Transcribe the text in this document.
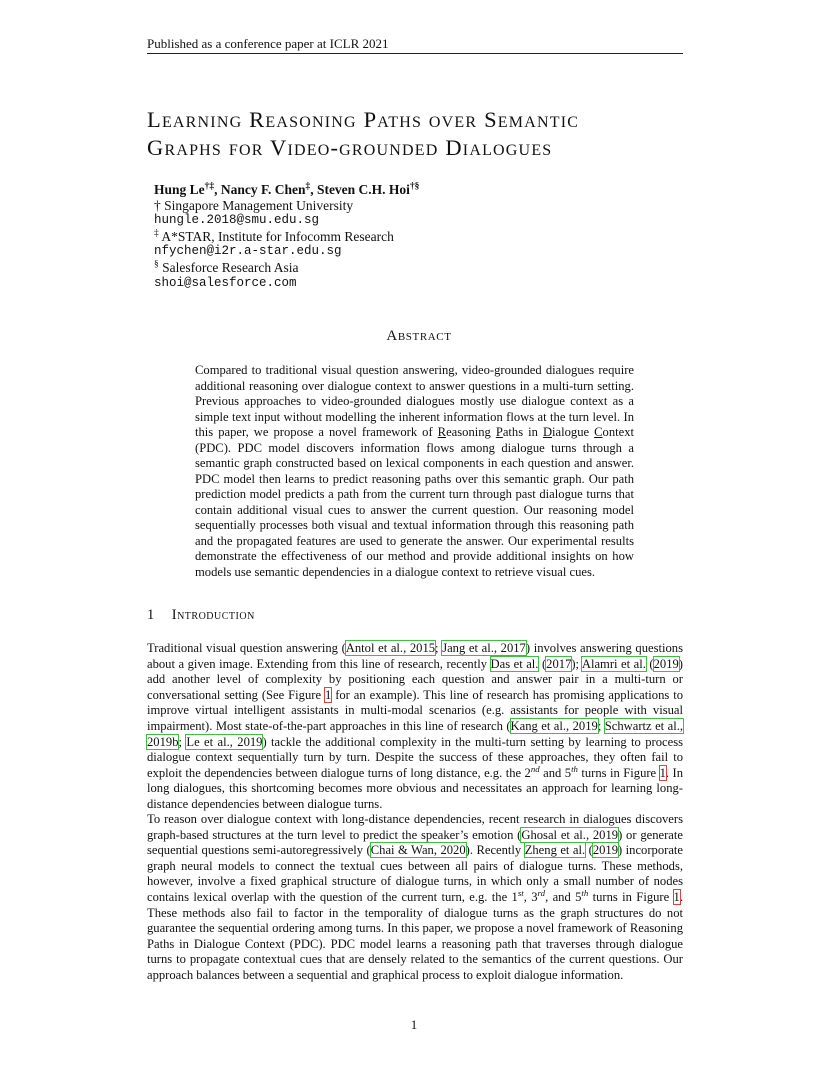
Published as a conference paper at ICLR 2021
Learning Reasoning Paths over Semantic
Graphs for Video-grounded Dialogues
Hung Le†‡, Nancy F. Chen‡, Steven C.H. Hoi†§
† Singapore Management University
hungle.2018@smu.edu.sg
‡ A*STAR, Institute for Infocomm Research
nfychen@i2r.a-star.edu.sg
§ Salesforce Research Asia
shoi@salesforce.com
Abstract
Compared to traditional visual question answering, video-grounded dialogues require additional reasoning over dialogue context to answer questions in a multi-turn setting. Previous approaches to video-grounded dialogues mostly use dialogue context as a simple text input without modelling the inherent information flows at the turn level. In this paper, we propose a novel framework of Reasoning Paths in Dialogue Context (PDC). PDC model discovers information flows among dialogue turns through a semantic graph constructed based on lexical components in each question and answer. PDC model then learns to predict reasoning paths over this semantic graph. Our path prediction model predicts a path from the current turn through past dialogue turns that contain additional visual cues to answer the current question. Our reasoning model sequentially processes both visual and textual information through this reasoning path and the propagated features are used to generate the answer. Our experimental results demonstrate the effectiveness of our method and provide additional insights on how models use semantic dependencies in a dialogue context to retrieve visual cues.
1 Introduction
Traditional visual question answering (Antol et al., 2015; Jang et al., 2017) involves answering questions about a given image. Extending from this line of research, recently Das et al. (2017); Alamri et al. (2019) add another level of complexity by positioning each question and answer pair in a multi-turn or conversational setting (See Figure 1 for an example). This line of research has promising applications to improve virtual intelligent assistants in multi-modal scenarios (e.g. assistants for people with visual impairment). Most state-of-the-part approaches in this line of research (Kang et al., 2019; Schwartz et al., 2019b; Le et al., 2019) tackle the additional complexity in the multi-turn setting by learning to process dialogue context sequentially turn by turn. Despite the success of these approaches, they often fail to exploit the dependencies between dialogue turns of long distance, e.g. the 2nd and 5th turns in Figure 1. In long dialogues, this shortcoming becomes more obvious and necessitates an approach for learning long-distance dependencies between dialogue turns.
To reason over dialogue context with long-distance dependencies, recent research in dialogues discovers graph-based structures at the turn level to predict the speaker’s emotion (Ghosal et al., 2019) or generate sequential questions semi-autoregressively (Chai & Wan, 2020). Recently Zheng et al. (2019) incorporate graph neural models to connect the textual cues between all pairs of dialogue turns. These methods, however, involve a fixed graphical structure of dialogue turns, in which only a small number of nodes contains lexical overlap with the question of the current turn, e.g. the 1st, 3rd, and 5th turns in Figure 1. These methods also fail to factor in the temporality of dialogue turns as the graph structures do not guarantee the sequential ordering among turns. In this paper, we propose a novel framework of Reasoning Paths in Dialogue Context (PDC). PDC model learns a reasoning path that traverses through dialogue turns to propagate contextual cues that are densely related to the semantics of the current questions. Our approach balances between a sequential and graphical process to exploit dialogue information.
1
